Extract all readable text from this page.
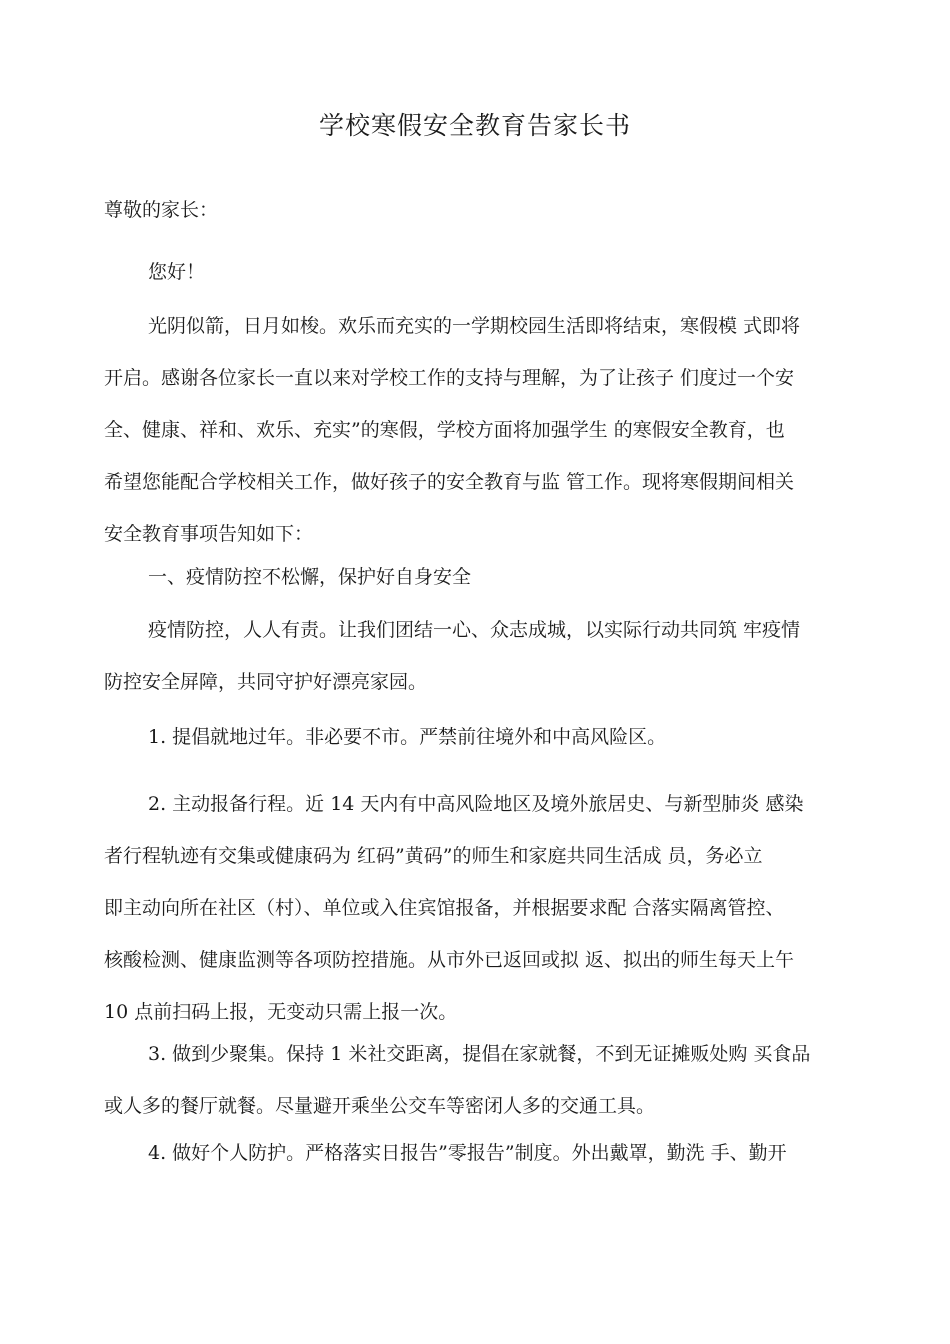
学校寒假安全教育告家长书

尊敬的家长：

您好！

光阴似箭，日月如梭。欢乐而充实的一学期校园生活即将结束，寒假模 式即将
开启。感谢各位家长一直以来对学校工作的支持与理解，为了让孩子 们度过一个安
全、健康、祥和、欢乐、充实”的寒假，学校方面将加强学生 的寒假安全教育，也
希望您能配合学校相关工作，做好孩子的安全教育与监 管工作。现将寒假期间相关
安全教育事项告知如下：

一、疫情防控不松懈，保护好自身安全

疫情防控，人人有责。让我们团结一心、众志成城，以实际行动共同筑 牢疫情
防控安全屏障，共同守护好漂亮家园。

1. 提倡就地过年。非必要不市。严禁前往境外和中高风险区。

2. 主动报备行程。近 14 天内有中高风险地区及境外旅居史、与新型肺炎 感染
者行程轨迹有交集或健康码为 红码”黄码”的师生和家庭共同生活成 员，务必立
即主动向所在社区（村）、单位或入住宾馆报备，并根据要求配 合落实隔离管控、
核酸检测、健康监测等各项防控措施。从市外已返回或拟 返、拟出的师生每天上午
10 点前扫码上报，无变动只需上报一次。
3. 做到少聚集。保持 1 米社交距离，提倡在家就餐，不到无证摊贩处购 买食品
或人多的餐厅就餐。尽量避开乘坐公交车等密闭人多的交通工具。
4. 做好个人防护。严格落实日报告”零报告”制度。外出戴罩，勤洗 手、勤开
